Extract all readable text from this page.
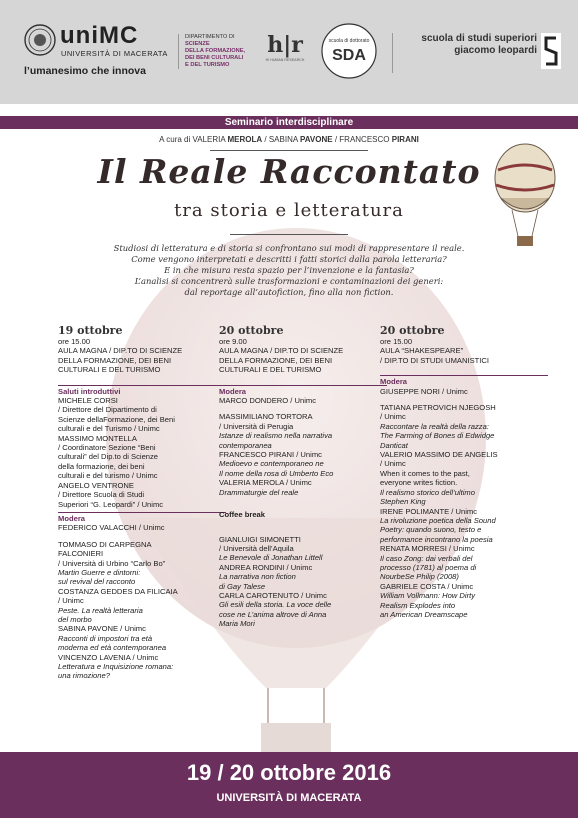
uniMC
UNIVERSITÀ DI MACERATA
l’umanesimo che innova
DIPARTIMENTO DI
SCIENZE
DELLA FORMAZIONE,
DEI BENI CULTURALI
E DEL TURISMO
h|r
HI HUMAN RESEARCH
scuola di dottorato
SDA
scuola di studi superiori
giacomo leopardi
Seminario interdisciplinare
A cura di VALERIA MEROLA / SABINA PAVONE / FRANCESCO PIRANI
Il Reale Raccontato
tra storia e letteratura
Studiosi di letteratura e di storia si confrontano sui modi di rappresentare il reale.
Come vengono interpretati e descritti i fatti storici dalla parola letteraria?
E in che misura resta spazio per l’invenzione e la fantasia?
L’analisi si concentrerà sulle trasformazioni e contaminazioni dei generi:
dal reportage all’autofiction, fino alla non fiction.
19 ottobre
ore 15.00
AULA MAGNA / DIP.TO DI SCIENZE
DELLA FORMAZIONE, DEI BENI
CULTURALI E DEL TURISMO
Saluti introduttivi
MICHELE CORSI
/ Direttore del Dipartimento di
Scienze dellaFormazione, dei Beni
culturali e del Turismo / Unimc
MASSIMO MONTELLA
/ Coordinatore Sezione “Beni
culturali” del Dip.to di Scienze
della formazione, dei beni
culturali e del turismo / Unimc
ANGELO VENTRONE
/ Direttore Scuola di Studi
Superiori “G. Leopardi” / Unimc
Modera
FEDERICO VALACCHI / Unimc
TOMMASO DI CARPEGNA
FALCONIERI
/ Università di Urbino “Carlo Bo”
Martin Guerre e dintorni:
sul revival del racconto
COSTANZA GEDDES DA FILICAIA
/ Unimc
Peste. La realtà letteraria
del morbo
SABINA PAVONE / Unimc
Racconti di impostori tra età
moderna ed età contemporanea
VINCENZO LAVENIA / Unimc
Letteratura e Inquisizione romana:
una rimozione?
20 ottobre
ore 9.00
AULA MAGNA / DIP.TO DI SCIENZE
DELLA FORMAZIONE, DEI BENI
CULTURALI E DEL TURISMO
Modera
MARCO DONDERO / Unimc
MASSIMILIANO TORTORA
/ Università di Perugia
Istanze di realismo nella narrativa
contemporanea
FRANCESCO PIRANI / Unimc
Medioevo e contemporaneo ne
Il nome della rosa di Umberto Eco
VALERIA MEROLA / Unimc
Drammaturgie del reale
Coffee break
GIANLUIGI SIMONETTI
/ Università dell’Aquila
Le Benevole di Jonathan Littell
ANDREA RONDINI / Unimc
La narrativa non fiction
di Gay Talese
CARLA CAROTENUTO / Unimc
Gli esili della storia. La voce delle
cose ne L’anima altrove di Anna
Maria Mori
20 ottobre
ore 15.00
AULA “SHAKESPEARE”
/ DIP.TO DI STUDI UMANISTICI
Modera
GIUSEPPE NORI / Unimc
TATIANA PETROVICH NJEGOSH
/ Unimc
Raccontare la realtà della razza:
The Farming of Bones di Edwidge
Danticat
VALERIO MASSIMO DE ANGELIS
/ Unimc
When it comes to the past,
everyone writes fiction.
Il realismo storico dell’ultimo
Stephen King
IRENE POLIMANTE / Unimc
La rivoluzione poetica della Sound
Poetry: quando suono, testo e
performance incontrano la poesia
RENATA MORRESI / Unimc
Il caso Zong: dai verbali del
processo (1781) al poema di
NourbeSe Philip (2008)
GABRIELE COSTA / Unimc
William Vollmann: How Dirty
Realism Explodes into
an American Dreamscape
19 / 20 ottobre 2016
UNIVERSITÀ DI MACERATA
